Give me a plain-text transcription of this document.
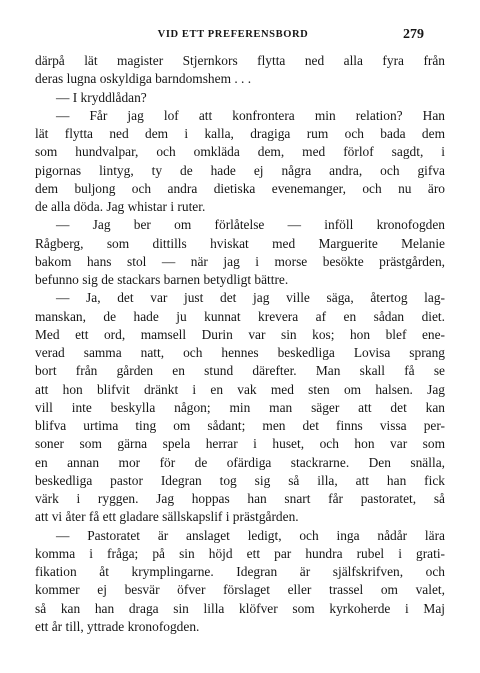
VID ETT PREFERENSBORD	279
därpå lät magister Stjernkors flytta ned alla fyra från
deras lugna oskyldiga barndomshem . . .
— I kryddlådan?
— Får jag lof att konfrontera min relation? Han
lät flytta ned dem i kalla, dragiga rum och bada dem
som hundvalpar, och omkläda dem, med förlof sagdt, i
pigornas lintyg, ty de hade ej några andra, och gifva
dem buljong och andra dietiska evenemanger, och nu äro
de alla döda. Jag whistar i ruter.
— Jag ber om förlåtelse — inföll kronofogden
Rågberg, som dittills hviskat med Marguerite Melanie
bakom hans stol — när jag i morse besökte prästgården,
befunno sig de stackars barnen betydligt bättre.
— Ja, det var just det jag ville säga, återtog lag-
manskan, de hade ju kunnat krevera af en sådan diet.
Med ett ord, mamsell Durin var sin kos; hon blef ene-
verad samma natt, och hennes beskedliga Lovisa sprang
bort från gården en stund därefter. Man skall få se
att hon blifvit dränkt i en vak med sten om halsen. Jag
vill inte beskylla någon; min man säger att det kan
blifva urtima ting om sådant; men det finns vissa per-
soner som gärna spela herrar i huset, och hon var som
en annan mor för de ofärdiga stackrarne. Den snälla,
beskedliga pastor Idegran tog sig så illa, att han fick
värk i ryggen. Jag hoppas han snart får pastoratet, så
att vi åter få ett gladare sällskapslif i prästgården.
— Pastoratet är anslaget ledigt, och inga nådår lära
komma i fråga; på sin höjd ett par hundra rubel i grati-
fikation åt krymplingarne. Idegran är själfskrifven, och
kommer ej besvär öfver förslaget eller trassel om valet,
så kan han draga sin lilla klöfver som kyrkoherde i Maj
ett år till, yttrade kronofogden.
